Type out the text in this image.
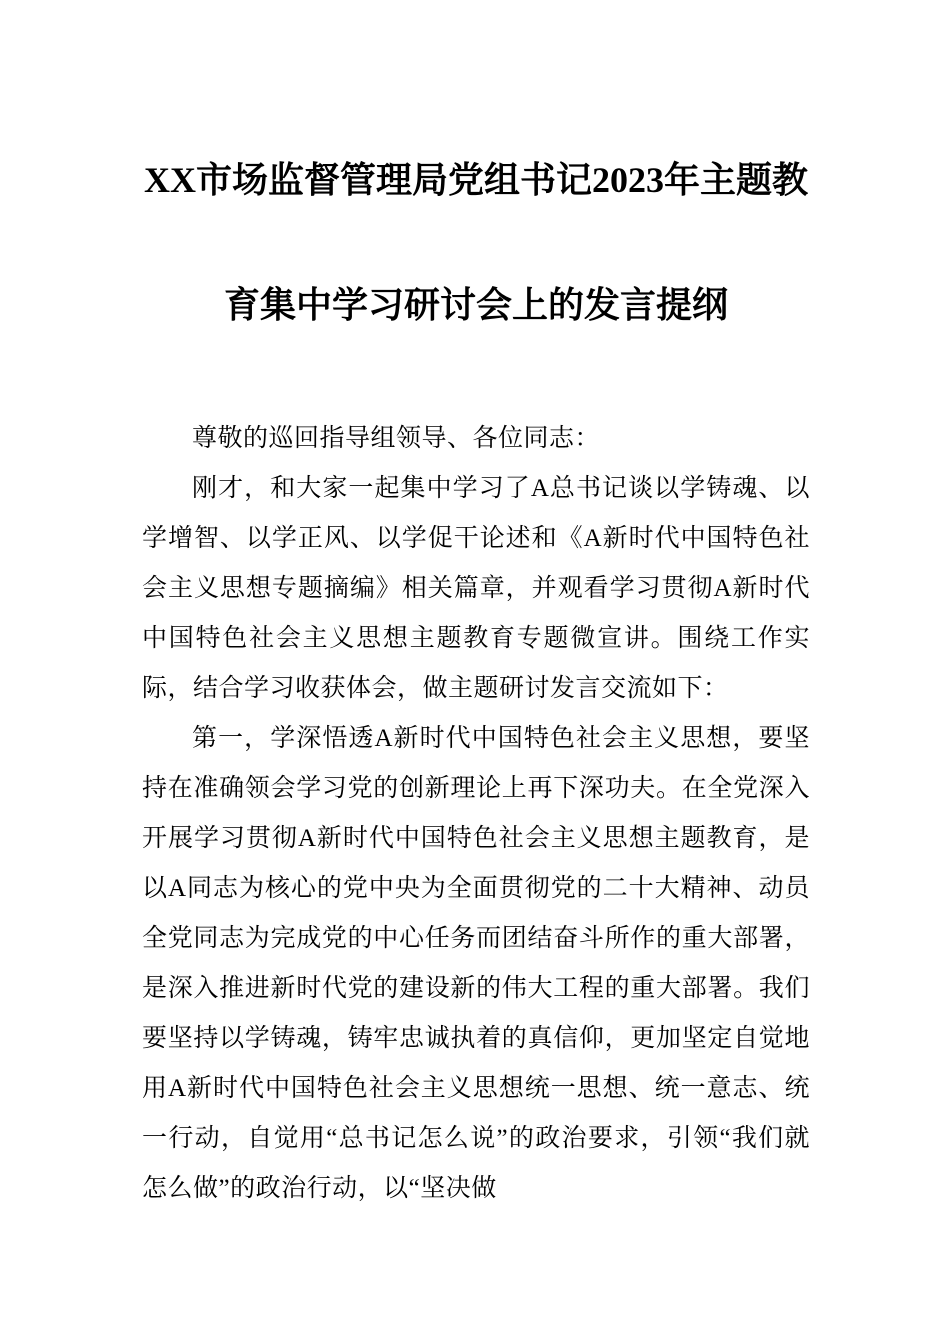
XX市场监督管理局党组书记2023年主题教
育集中学习研讨会上的发言提纲

尊敬的巡回指导组领导、各位同志：

刚才，和大家一起集中学习了A总书记谈以学铸魂、以学增智、以学正风、以学促干论述和《A新时代中国特色社会主义思想专题摘编》相关篇章，并观看学习贯彻A新时代中国特色社会主义思想主题教育专题微宣讲。围绕工作实际，结合学习收获体会，做主题研讨发言交流如下：

第一，学深悟透A新时代中国特色社会主义思想，要坚持在准确领会学习党的创新理论上再下深功夫。在全党深入开展学习贯彻A新时代中国特色社会主义思想主题教育，是以A同志为核心的党中央为全面贯彻党的二十大精神、动员全党同志为完成党的中心任务而团结奋斗所作的重大部署，是深入推进新时代党的建设新的伟大工程的重大部署。我们要坚持以学铸魂，铸牢忠诚执着的真信仰，更加坚定自觉地用A新时代中国特色社会主义思想统一思想、统一意志、统一行动，自觉用“总书记怎么说”的政治要求，引领“我们就怎么做”的政治行动，以“坚决做
